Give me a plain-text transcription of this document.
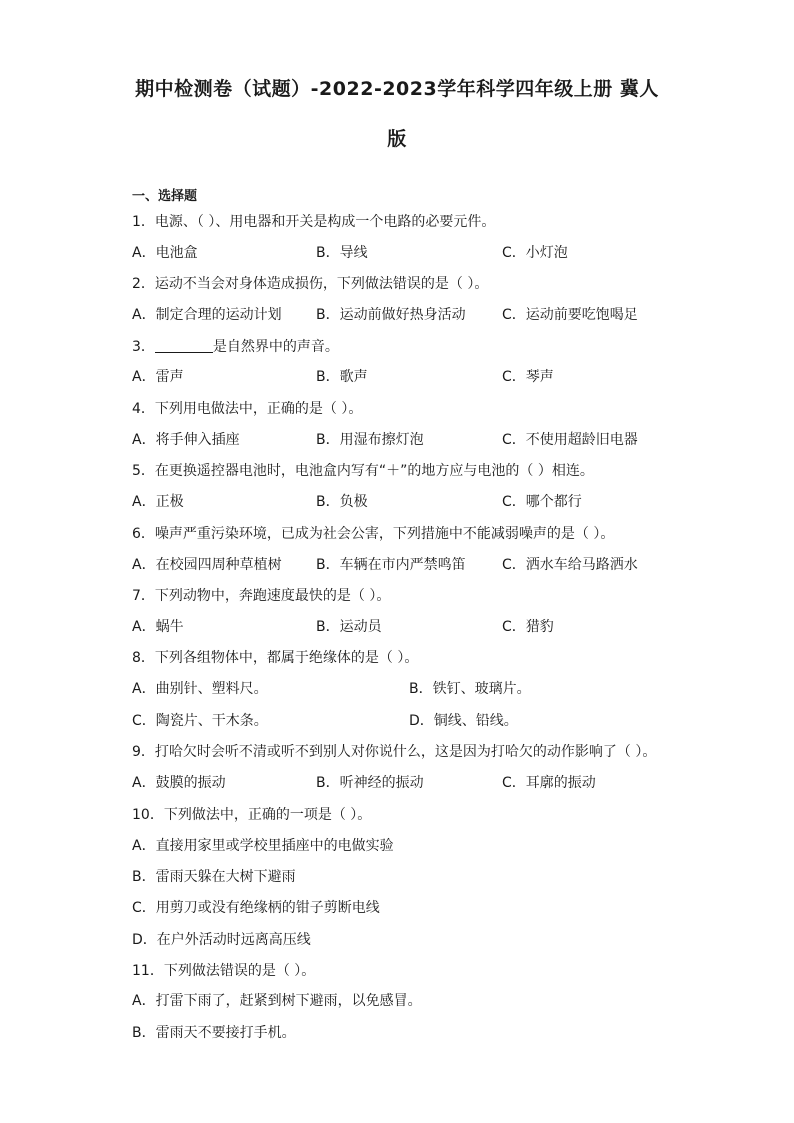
期中检测卷（试题）-2022-2023学年科学四年级上册 冀人
版
一、选择题
1．电源、（ ）、用电器和开关是构成一个电路的必要元件。
A．电池盒	B．导线	C．小灯泡
2．运动不当会对身体造成损伤，下列做法错误的是（ ）。
A．制定合理的运动计划 B．运动前做好热身活动	C．运动前要吃饱喝足
3．	是自然界中的声音。
A．雷声	B．歌声	C．琴声
4．下列用电做法中，正确的是（ ）。
A．将手伸入插座	B．用湿布擦灯泡	C．不使用超龄旧电器
5．在更换遥控器电池时，电池盒内写有“＋”的地方应与电池的（ ）相连。
A．正极	B．负极	C．哪个都行
6．噪声严重污染环境，已成为社会公害，下列措施中不能减弱噪声的是（ ）。
A．在校园四周种草植树 B．车辆在市内严禁鸣笛	C．洒水车给马路洒水
7．下列动物中，奔跑速度最快的是（ ）。
A．蜗牛	B．运动员	C．猎豹
8．下列各组物体中，都属于绝缘体的是（ ）。
A．曲别针、塑料尺。	B．铁钉、玻璃片。
C．陶瓷片、干木条。	D．铜线、铅线。
9．打哈欠时会听不清或听不到别人对你说什么，这是因为打哈欠的动作影响了（ ）。
A．鼓膜的振动	B．听神经的振动	C．耳廓的振动
10．下列做法中，正确的一项是（ ）。
A．直接用家里或学校里插座中的电做实验
B．雷雨天躲在大树下避雨
C．用剪刀或没有绝缘柄的钳子剪断电线
D．在户外活动时远离高压线
11．下列做法错误的是（ ）。
A．打雷下雨了，赶紧到树下避雨，以免感冒。
B．雷雨天不要接打手机。
